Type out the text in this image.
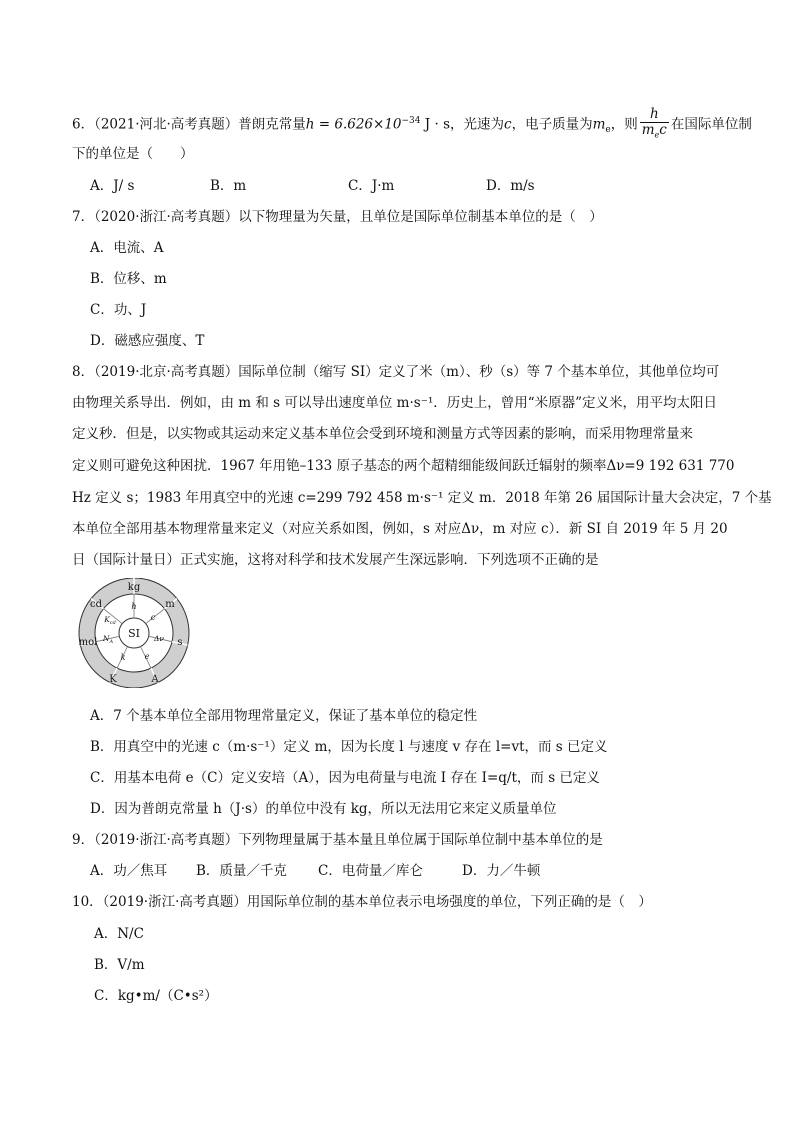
6．（2021·河北·高考真题）普朗克常量$h = 6.626\times 10^{-34}$ J · s，光速为c，电子质量为$m_e$，则 $\frac{h}{m_ec}$ 在国际单位制
下的单位是（　　）
A．J/ s	B．m	C．J·m	D．m/s
7．（2020·浙江·高考真题）以下物理量为矢量，且单位是国际单位制基本单位的是（　）
A．电流、A
B．位移、m
C．功、J
D．磁感应强度、T
8．（2019·北京·高考真题）国际单位制（缩写 SI）定义了米（m）、秒（s）等 7 个基本单位，其他单位均可
由物理关系导出．例如，由 m 和 s 可以导出速度单位 m·s⁻¹．历史上，曾用“米原器”定义米，用平均太阳日
定义秒．但是，以实物或其运动来定义基本单位会受到环境和测量方式等因素的影响，而采用物理常量来
定义则可避免这种困扰．1967 年用铯–133 原子基态的两个超精细能级间跃迁辐射的频率Δν=9 192 631 770
Hz 定义 s；1983 年用真空中的光速 c=299 792 458 m·s⁻¹ 定义 m．2018 年第 26 届国际计量大会决定，7 个基
本单位全部用基本物理常量来定义（对应关系如图，例如，s 对应Δν，m 对应 c）．新 SI 自 2019 年 5 月 20
日（国际计量日）正式实施，这将对科学和技术发展产生深远影响．下列选项不正确的是
SI
kg
m
s
A
K
mol
cd	h
c
Δν
e
k
$N_A$
$K_{cd}$
A．7 个基本单位全部用物理常量定义，保证了基本单位的稳定性
B．用真空中的光速 c（m·s⁻¹）定义 m，因为长度 l 与速度 v 存在 l=vt，而 s 已定义
C．用基本电荷 e（C）定义安培（A），因为电荷量与电流 I 存在 I=q/t，而 s 已定义
D．因为普朗克常量 h（J·s）的单位中没有 kg，所以无法用它来定义质量单位
9．（2019·浙江·高考真题）下列物理量属于基本量且单位属于国际单位制中基本单位的是
A．功／焦耳 B．质量／千克 C．电荷量／库仑	D．力／牛顿
10．（2019·浙江·高考真题）用国际单位制的基本单位表示电场强度的单位，下列正确的是（　）
A．N/C
B．V/m
C．kg•m/（C•s²）
